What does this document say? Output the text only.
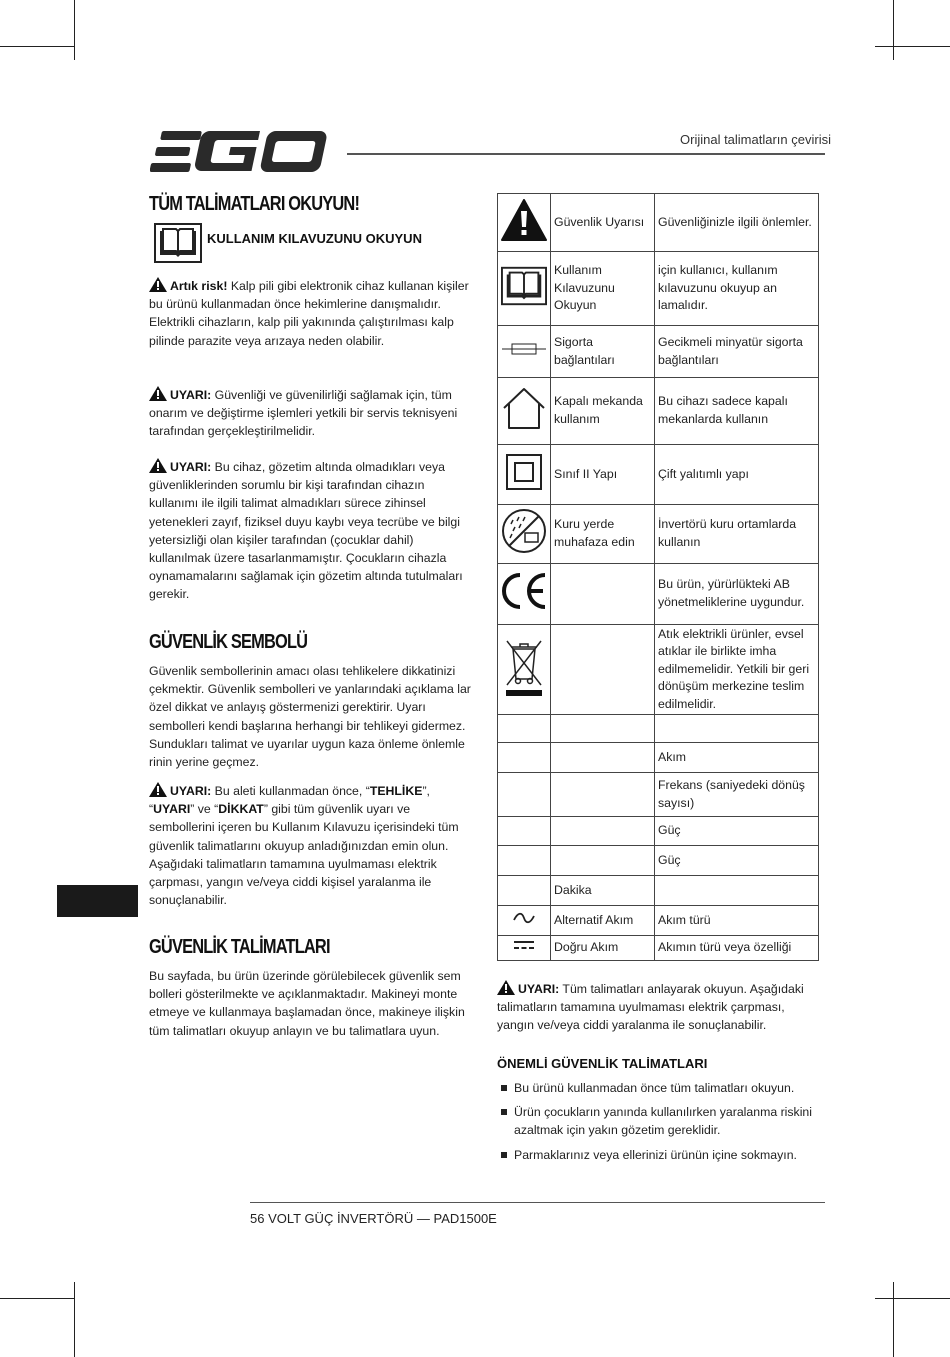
Orijinal talimatların çevirisi
TÜM TALİMATLARI OKUYUN!
KULLANIM KILAVUZUNU OKUYUN

Artık risk! Kalp pili gibi elektronik cihaz kullanan kişiler bu ürünü kullanmadan önce hekimlerine danışmalıdır. Elektrikli cihazların, kalp pili yakınında çalıştırılması kalp pilinde parazite veya arızaya neden olabilir.

UYARI: Güvenliği ve güvenilirliği sağlamak için, tüm onarım ve değiştirme işlemleri yetkili bir servis teknisyeni tarafından gerçekleştirilmelidir.

UYARI: Bu cihaz, gözetim altında olmadıkları veya güvenliklerinden sorumlu bir kişi tarafından cihazın kullanımı ile ilgili talimat almadıkları sürece zihinsel yetenekleri zayıf, fiziksel duyu kaybı veya tecrübe ve bilgi yetersizliği olan kişiler tarafından (çocuklar dahil) kullanılmak üzere tasarlanmamıştır. Çocukların cihazla oynamamalarını sağlamak için gözetim altında tutulmaları gerekir.

GÜVENLİK SEMBOLÜ

Güvenlik sembollerinin amacı olası tehlikelere dikkatinizi çekmektir. Güvenlik sembolleri ve yanlarındaki açıklama lar özel dikkat ve anlayış göstermenizi gerektirir. Uyarı sembolleri kendi başlarına herhangi bir tehlikeyi gidermez. Sundukları talimat ve uyarılar uygun kaza önleme önlemle rinin yerine geçmez.

UYARI: Bu aleti kullanmadan önce, “TEHLİKE”, “UYARI” ve “DİKKAT” gibi tüm güvenlik uyarı ve sembollerini içeren bu Kullanım Kılavuzu içerisindeki tüm güvenlik talimatlarını okuyup anladığınızdan emin olun. Aşağıdaki talimatların tamamına uyulmaması elektrik çarpması, yangın ve/veya ciddi kişisel yaralanma ile sonuçlanabilir.

GÜVENLİK TALİMATLARI

Bu sayfada, bu ürün üzerinde görülebilecek güvenlik sem bolleri gösterilmekte ve açıklanmaktadır. Makineyi monte etmeye ve kullanmaya başlamadan önce, makineye ilişkin tüm talimatları okuyup anlayın ve bu talimatlara uyun.

	Güvenlik Uyarısı	Güvenliğinizle ilgili önlemler.
	Kullanım Kılavuzunu Okuyun	için kullanıcı, kullanım kılavuzunu okuyup an lamalıdır.
	Sigorta bağlantıları	Gecikmeli minyatür sigorta bağlantıları
	Kapalı mekanda kullanım	Bu cihazı sadece kapalı mekanlarda kullanın
	Sınıf II Yapı	Çift yalıtımlı yapı
	Kuru yerde muhafaza edin	İnvertörü kuru ortamlarda kullanın
		Bu ürün, yürürlükteki AB yönetmeliklerine uygundur.
		Atık elektrikli ürünler, evsel atıklar ile birlikte imha edilmemelidir. Yetkili bir geri dönüşüm merkezine teslim edilmelidir.

		Akım
		Frekans (saniyedeki dönüş sayısı)
		Güç
		Güç
	Dakika	
	Alternatif Akım	Akım türü
	Doğru Akım	Akımın türü veya özelliği

UYARI: Tüm talimatları anlayarak okuyun. Aşağıdaki talimatların tamamına uyulmaması elektrik çarpması, yangın ve/veya ciddi yaralanma ile sonuçlanabilir.

ÖNEMLİ GÜVENLİK TALİMATLARI
Bu ürünü kullanmadan önce tüm talimatları okuyun.
Ürün çocukların yanında kullanılırken yaralanma riskini azaltmak için yakın gözetim gereklidir.
Parmaklarınız veya ellerinizi ürünün içine sokmayın.
56 VOLT GÜÇ İNVERTÖRÜ — PAD1500E
